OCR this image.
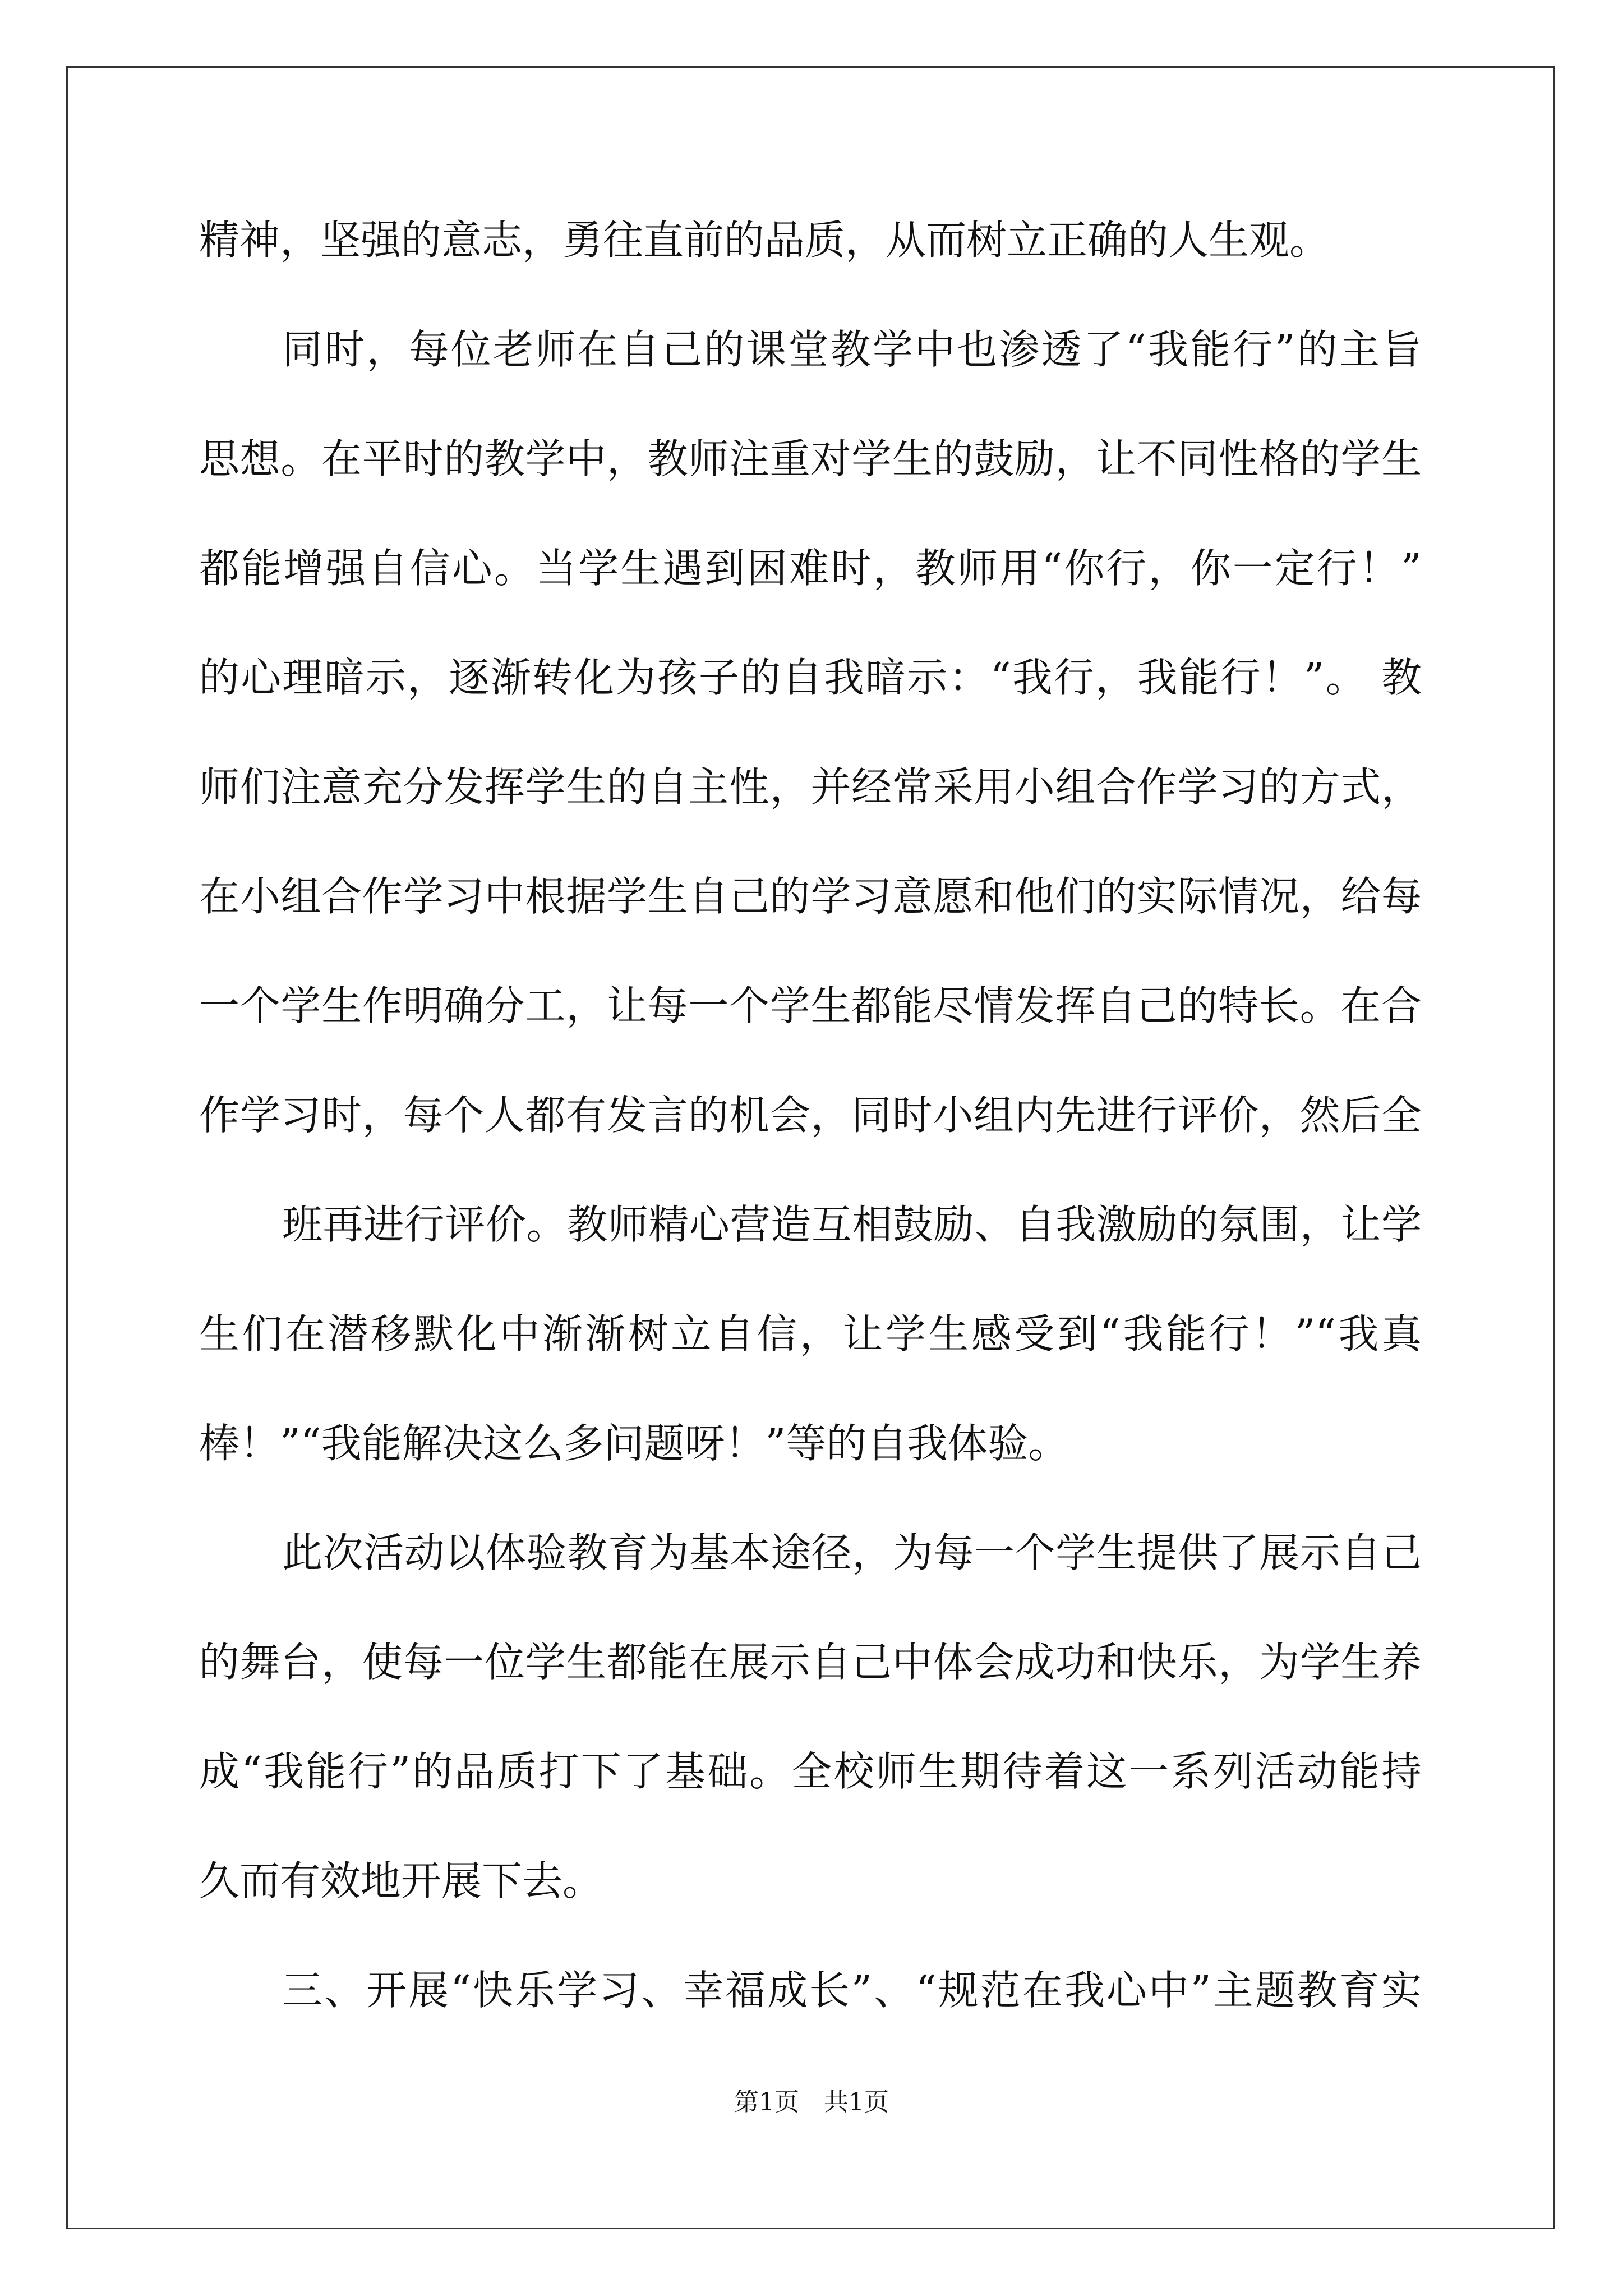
精神，坚强的意志，勇往直前的品质，从而树立正确的人生观。
同时，每位老师在自己的课堂教学中也渗透了“我能行”的主旨
思想。在平时的教学中，教师注重对学生的鼓励，让不同性格的学生
都能增强自信心。当学生遇到困难时，教师用“你行，你一定行！”
的心理暗示，逐渐转化为孩子的自我暗示：“我行，我能行！”。 教
师们注意充分发挥学生的自主性，并经常采用小组合作学习的方式，
在小组合作学习中根据学生自己的学习意愿和他们的实际情况，给每
一个学生作明确分工，让每一个学生都能尽情发挥自己的特长。在合
作学习时，每个人都有发言的机会，同时小组内先进行评价，然后全
班再进行评价。教师精心营造互相鼓励、自我激励的氛围，让学
生们在潜移默化中渐渐树立自信，让学生感受到“我能行！”“我真
棒！”“我能解决这么多问题呀！”等的自我体验。
此次活动以体验教育为基本途径，为每一个学生提供了展示自己
的舞台，使每一位学生都能在展示自己中体会成功和快乐，为学生养
成“我能行”的品质打下了基础。全校师生期待着这一系列活动能持
久而有效地开展下去。
三、开展“快乐学习、幸福成长”、“规范在我心中”主题教育实
第1页　共1页
